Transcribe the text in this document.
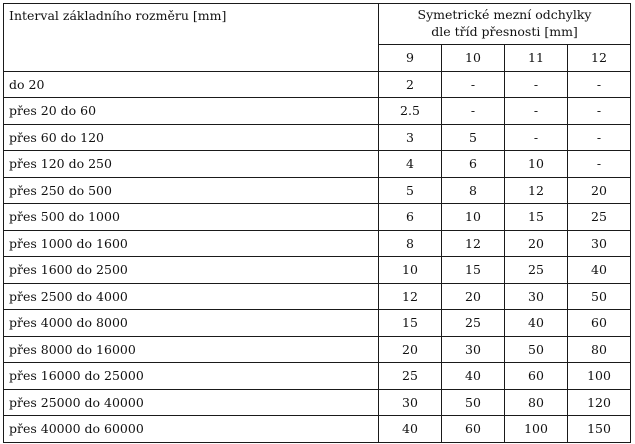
Interval základního rozměru [mm]	Symetrické mezní odchylky
dle tříd přesnosti [mm]			

	9	10	11	12
do 20	2	-	-	-
přes 20 do 60	2.5	-	-	-
přes 60 do 120	3	5	-	-
přes 120 do 250	4	6	10	-
přes 250 do 500	5	8	12	20
přes 500 do 1000	6	10	15	25
přes 1000 do 1600	8	12	20	30
přes 1600 do 2500	10	15	25	40
přes 2500 do 4000	12	20	30	50
přes 4000 do 8000	15	25	40	60
přes 8000 do 16000	20	30	50	80
přes 16000 do 25000	25	40	60	100
přes 25000 do 40000	30	50	80	120
přes 40000 do 60000	40	60	100	150
